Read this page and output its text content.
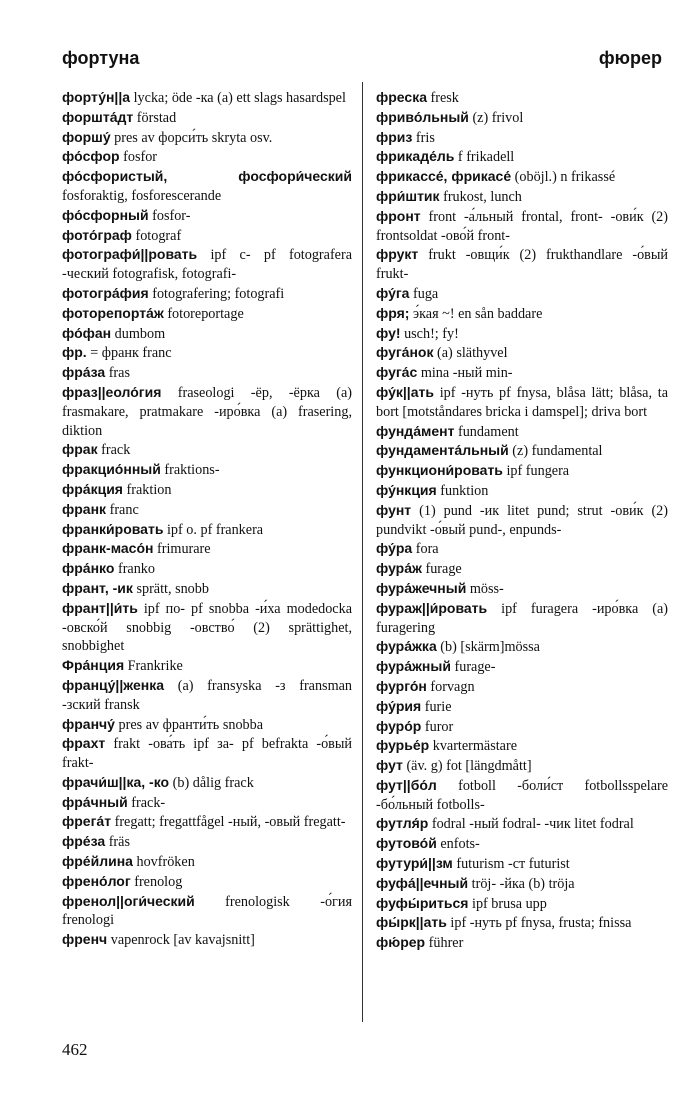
фортуна	фюрер

форту́н||а lycka; öde -ка (a) ett slags hasardspel

форшта́дт förstad

форшу́ pres av форси́ть skryta osv.

фо́сфор fosfor

фо́сфористый, фосфори́ческий fosforaktig, fosforescerande

фо́сфорный fosfor-

фото́граф fotograf

фотографи́||ровать ipf с- pf fotografera -ческий fotografisk, fotografi-

фотогра́фия fotografering; fotografi

фоторепорта́ж fotoreportage

фо́фан dumbom

фр. = франк franc

фра́за fras

фраз||еоло́гия fraseologi -ёр, -ёрка (a) frasmakare, pratmakare -иро́вка (a) frasering, diktion

фрак frack

фракцио́нный fraktions-

фра́кция fraktion

франк franc

франки́ровать ipf o. pf frankera

франк-масо́н frimurare

фра́нко franko

франт, -ик sprätt, snobb

франт||и́ть ipf по- pf snobba -и́ха modedocka -овско́й snobbig -овство́ (2) sprättighet, snobbighet

Фра́нция Frankrike

францу́||женка (a) fransyska -з fransman -зский fransk

франчу́ pres av франти́ть snobba

фрахт frakt -ова́ть ipf за- pf befrakta -о́вый frakt-

фрачи́ш||ка, -ко (b) dålig frack

фра́чный frack-

фрега́т fregatt; fregattfågel -ный, -овый fregatt-

фре́за fräs

фре́йлина hovfröken

френо́лог frenolog

френол||оги́ческий frenologisk -о́гия frenologi

френч vapenrock [av kavajsnitt]

фреска fresk

фриво́льный (z) frivol

фриз fris

фрикаде́ль f frikadell

фрикассе́, фрикасе́ (oböjl.) n frikassé

фри́штик frukost, lunch

фронт front -а́льный frontal, front- -ови́к (2) frontsoldat -ово́й front-

фрукт frukt -овщи́к (2) frukthandlare -о́вый frukt-

фу́га fuga

фря; э́кая ~! en sån baddare

фу! usch!; fy!

фуга́нок (a) släthyvel

фуга́с mina -ный min-

фу́к||ать ipf -нуть pf fnysa, blåsa lätt; blåsa, ta bort [motståndares bricka i damspel]; driva bort

фунда́мент fundament

фундамента́льный (z) fundamental

функциони́ровать ipf fungera

фу́нкция funktion

фунт (1) pund -ик litet pund; strut -ови́к (2) pundvikt -о́вый pund-, enpunds-

фу́ра fora

фура́ж furage

фура́жечный möss-

фураж||и́ровать ipf furagera -иро́вка (a) furagering

фура́жка (b) [skärm]mössa

фура́жный furage-

фурго́н forvagn

фу́рия furie

фуро́р furor

фурье́р kvartermästare

фут (äv. g) fot [längdmått]

фут||бо́л fotboll -боли́ст fotbollsspelare -бо́льный fotbolls-

футля́р fodral -ный fodral- -чик litet fodral

футово́й enfots-

футури́||зм futurism -ст futurist

фуфа́||ечный tröj- -йка (b) tröja

фуфы́риться ipf brusa upp

фы́рк||ать ipf -нуть pf fnysa, frusta; fnissa

фю́рер führer

462
